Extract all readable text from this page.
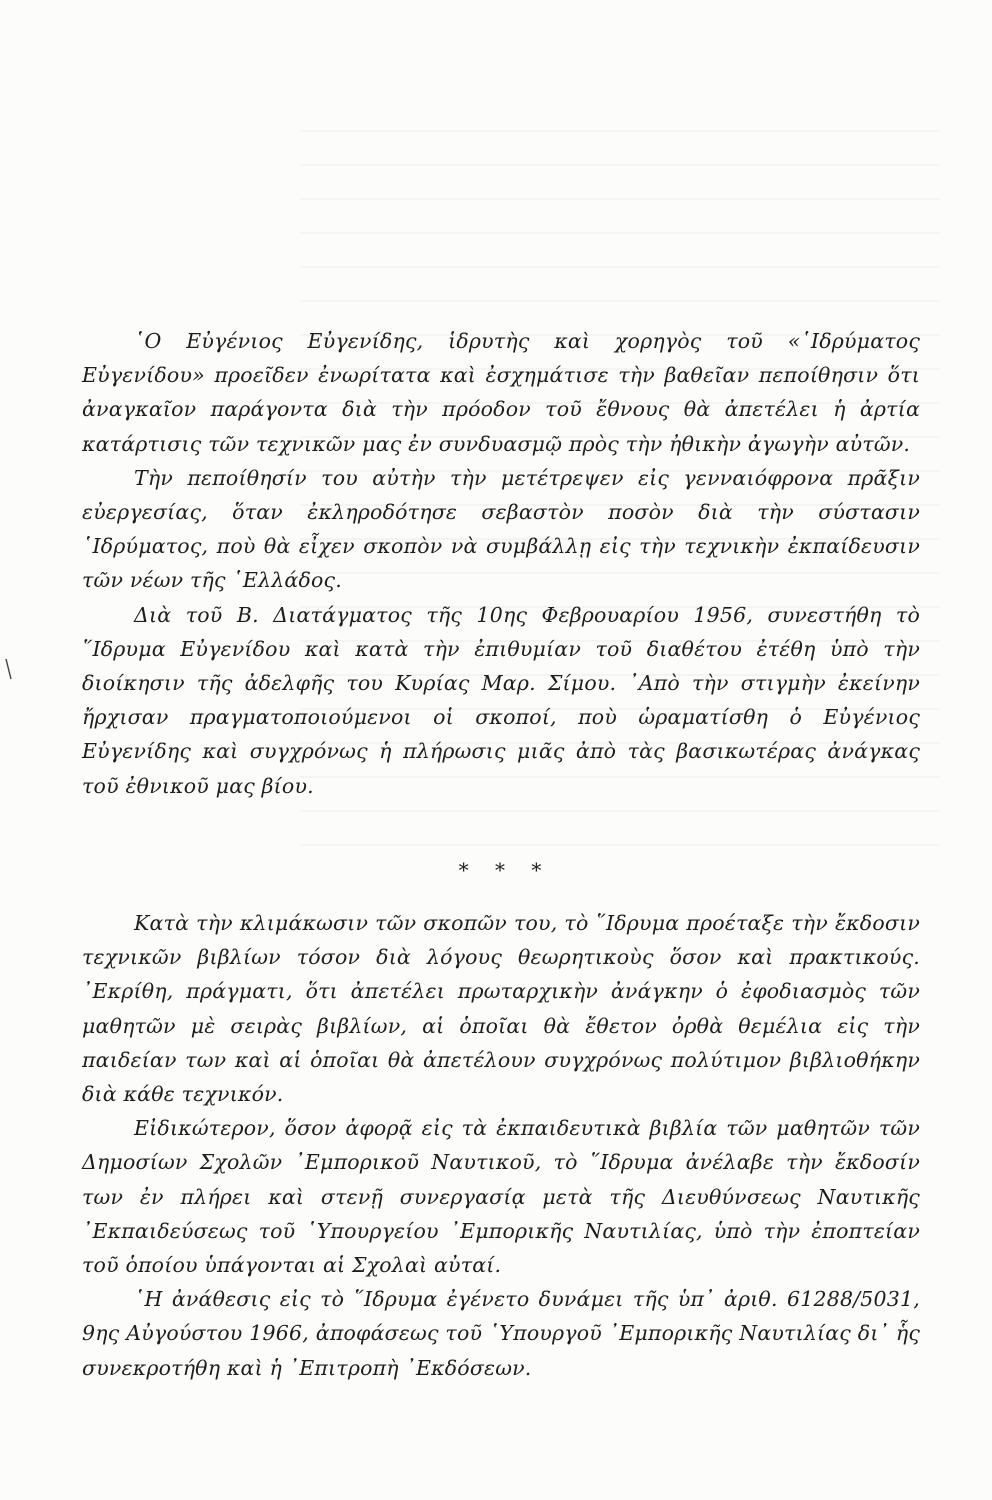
῾Ο Εὐγένιος Εὐγενίδης, ἱδρυτὴς καὶ χορηγὸς τοῦ «῾Ιδρύματος Εὐγενίδου» προεῖδεν ἐνωρίτατα καὶ ἐσχημάτισε τὴν βαθεῖαν πεποίθησιν ὅτι ἀναγκαῖον παράγοντα διὰ τὴν πρόοδον τοῦ ἔθνους θὰ ἀπετέλει ἡ ἀρτία κατάρτισις τῶν τεχνικῶν μας ἐν συνδυασμῷ πρὸς τὴν ἠθικὴν ἀγωγὴν αὐτῶν.

Τὴν πεποίθησίν του αὐτὴν τὴν μετέτρεψεν εἰς γενναιόφρονα πρᾶξιν εὐεργεσίας, ὅταν ἐκληροδότησε σεβαστὸν ποσὸν διὰ τὴν σύστασιν ῾Ιδρύματος, ποὺ θὰ εἶχεν σκοπὸν νὰ συμβάλλῃ εἰς τὴν τεχνικὴν ἐκπαίδευσιν τῶν νέων τῆς ῾Ελλάδος.

Διὰ τοῦ Β. Διατάγματος τῆς 10ης Φεβρουαρίου 1956, συνεστήθη τὸ ῞Ιδρυμα Εὐγενίδου καὶ κατὰ τὴν ἐπιθυμίαν τοῦ διαθέτου ἐτέθη ὑπὸ τὴν διοίκησιν τῆς ἀδελφῆς του Κυρίας Μαρ. Σίμου. ᾿Απὸ τὴν στιγμὴν ἐκείνην ἤρχισαν πραγματοποιούμενοι οἱ σκοποί, ποὺ ὡραματίσθη ὁ Εὐγένιος Εὐγενίδης καὶ συγχρόνως ἡ πλήρωσις μιᾶς ἀπὸ τὰς βασικωτέρας ἀνάγκας τοῦ ἐθνικοῦ μας βίου.

* * *

Κατὰ τὴν κλιμάκωσιν τῶν σκοπῶν του, τὸ ῞Ιδρυμα προέταξε τὴν ἔκδοσιν τεχνικῶν βιβλίων τόσον διὰ λόγους θεωρητικοὺς ὅσον καὶ πρακτικούς. ᾿Εκρίθη, πράγματι, ὅτι ἀπετέλει πρωταρχικὴν ἀνάγκην ὁ ἐφοδιασμὸς τῶν μαθητῶν μὲ σειρὰς βιβλίων, αἱ ὁποῖαι θὰ ἔθετον ὀρθὰ θεμέλια εἰς τὴν παιδείαν των καὶ αἱ ὁποῖαι θὰ ἀπετέλουν συγχρόνως πολύτιμον βιβλιοθήκην διὰ κάθε τεχνικόν.

Εἰδικώτερον, ὅσον ἀφορᾷ εἰς τὰ ἐκπαιδευτικὰ βιβλία τῶν μαθητῶν τῶν Δημοσίων Σχολῶν ᾿Εμπορικοῦ Ναυτικοῦ, τὸ ῞Ιδρυμα ἀνέλαβε τὴν ἔκδοσίν των ἐν πλήρει καὶ στενῇ συνεργασίᾳ μετὰ τῆς Διευθύνσεως Ναυτικῆς ᾿Εκπαιδεύσεως τοῦ ῾Υπουργείου ᾿Εμπορικῆς Ναυτιλίας, ὑπὸ τὴν ἐποπτείαν τοῦ ὁποίου ὑπάγονται αἱ Σχολαὶ αὐταί.

῾Η ἀνάθεσις εἰς τὸ ῞Ιδρυμα ἐγένετο δυνάμει τῆς ὑπ᾿ ἀριθ. 61288/5031, 9ης Αὐγούστου 1966, ἀποφάσεως τοῦ ῾Υπουργοῦ ᾿Εμπορικῆς Ναυτιλίας δι᾿ ἧς συνεκροτήθη καὶ ἡ ᾿Επιτροπὴ ᾿Εκδόσεων.
